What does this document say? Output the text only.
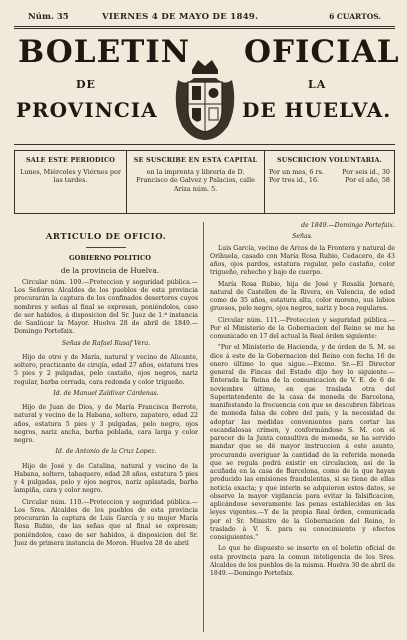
Núm. 35	VIERNES 4 DE MAYO DE 1849.	6 CUARTOS.
BOLETIN OFICIAL
DE	LA
PROVINCIA	DE HUELVA.
SALE ESTE PERIODICO

Lunes, Miércoles y Viérnes por las tardes.

SE SUSCRIBE EN ESTA CAPITAL

en la imprenta y librería de D. Francisco de Galvez y Palacios, calle Ariza núm. 5.

SUSCRICION VOLUNTARIA.
Por un mes, 6 rs.	Por seis id., 30
Por tres id., 16.	Por el año, 58
ARTICULO DE OFICIO.

GOBIERNO POLITICO

de la provincia de Huelva.

Circular núm. 109.—Proteccion y seguridad pública.—Los Señores Alcaldes de los pueblos de esta provincia procurarán la captura de los confinados desertores cuyos nombres y señas al final se expresan, poniéndolos, caso de ser habidos, á disposicion del Sr. Juez de 1.ª instancia de Sanlúcar la Mayor. Huelva 28 de abril de 1849.—Domingo Portefaix.

Señas de Rafael Rusaf Vera.

Hijo de otro y de María, natural y vecino de Alicante, soltero, practicante de cirujía, edad 27 años, estatura tres 5 pies y 2 pulgadas, pelo castaño, ojos negros, nariz regular, barba cerrada, cara redonda y color trigueño.

Id. de Manuel Zaldivar Cárdenas.

Hijo de Juan de Dios, y de María Francisca Berrote, natural y vecino de la Habana, soltero, zapatero, edad 22 años, estatura 5 pies y 3 pulgadas, pelo negro, ojos negros, nariz ancha, barba poblada, cara larga y color negro.

Id. de Antonio de la Cruz Lopez.

Hijo de José y de Catalina, natural y vecino de la Habana, soltero, tabaquero, edad 28 años, estatura 5 pies y 4 pulgadas, pelo y ojos negros, nariz aplastada, barba lampiña, cara y color negro.

Circular núm. 110.—Proteccion y seguridad pública.—Los Sres. Alcaldes de los pueblos de esta provincia procurarán la captura de Luis García y su mujer María Rosa Rubio, de las señas que al final se expresan; poniéndolos, caso de ser habidos, á disposicion del Sr. Juez de primera instancia de Moron. Huelva 28 de abril

de 1849.—Domingo Portefaix.

Señas.

Luis García, vecino de Arcos de la Frontera y natural de Orihuela, casado con María Rosa Rubio, Cedacero, de 43 años, ojos pardos, estatura regular, pelo castaño, color trigueño, rehecho y bajo de cuerpo.

María Rosa Rubio, hija de José y Rosalía Jornaré, natural de Castellon de la Rivera, en Valencia, de edad como de 35 años, estatura alta, color moreno, sus labios gruesos, pelo negro, ojos negros, nariz y boca regulares.

Circular núm. 111.—Proteccion y seguridad pública.—Por el Ministerio de la Gobernacion del Reino se me ha comunicado en 17 del actual la Real órden siguiente:

"Por el Ministerio de Hacienda, y de órden de S. M. se dice á este de la Gobernacion del Reino con fecha 16 de enero último lo que sigue.—Excmo. Sr.—El Director general de Fincas del Estado dijo hoy lo siguiente.—Enterada la Reina de la comunicacion de V. E. de 6 de noviembre último, en que traslada otra del Superintendente de la casa de moneda de Barcelona, manifestando la frecuencia con que se descubren fábricas de moneda falsa de cobre del país, y la necesidad de adoptar las medidas convenientes para cortar las escandalosas crímen, y conformándose S. M. con el parecer de la Junta consultiva de moneda, se ha servido mandar que se dé mayor instruccion á este asunto, procurando averiguar la cantidad de la referida moneda que se regula podrá existir en circulacion, así de la acuñada en la casa de Barcelona, como de la que hayan producido las emisiones fraudulentas, si se tiene de ellas noticia exacta; y que interin se adquieren estos datos, se observe la mayor vigilancia para evitar la falsificacion, aplicándose severamente las penas establecidas en las leyes vigentes.—Y de la propia Real órden, comunicada por el Sr. Ministro de la Gobernacion del Reino, lo traslado á V. S. para su conocimiento y efectos consiguientes."

Lo que he dispuesto se inserte en el boletin oficial de esta provincia para la comun inteligencia de los Sres. Alcaldes de los pueblos de la misma. Huelva 30 de abril de 1849.—Domingo Portefaix.
